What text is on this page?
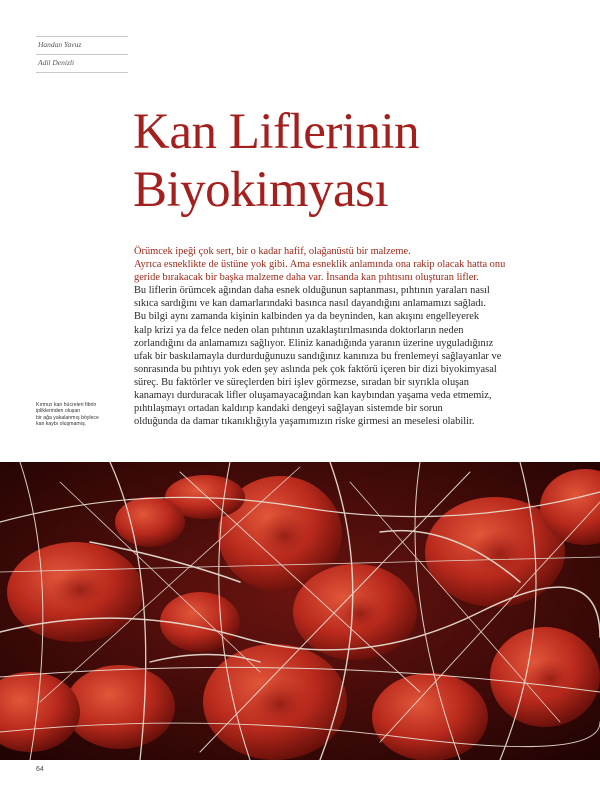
Handan Yavuz
Adil Denizli
Kan Liflerinin
Biyokimyası

Örümcek ipeği çok sert, bir o kadar hafif, olağanüstü bir malzeme.

Ayrıca esneklikte de üstüne yok gibi. Ama esneklik anlamında ona rakip olacak hatta onu

geride bırakacak bir başka malzeme daha var. İnsanda kan pıhtısını oluşturan lifler.

Bu liflerin örümcek ağından daha esnek olduğunun saptanması, pıhtının yaraları nasıl

sıkıca sardığını ve kan damarlarındaki basınca nasıl dayandığını anlamamızı sağladı.

Bu bilgi aynı zamanda kişinin kalbinden ya da beyninden, kan akışını engelleyerek

kalp krizi ya da felce neden olan pıhtının uzaklaştırılmasında doktorların neden

zorlandığını da anlamamızı sağlıyor. Eliniz kanadığında yaranın üzerine uyguladığınız

ufak bir baskılamayla durdurduğunuzu sandığınız kanınıza bu frenlemeyi sağlayanlar ve

sonrasında bu pıhtıyı yok eden şey aslında pek çok faktörü içeren bir dizi biyokimyasal

süreç. Bu faktörler ve süreçlerden biri işlev görmezse, sıradan bir sıyrıkla oluşan

kanamayı durduracak lifler oluşamayacağından kan kaybından yaşama veda etmemiz,

pıhtılaşmayı ortadan kaldırıp kandaki dengeyi sağlayan sistemde bir sorun

olduğunda da damar tıkanıklığıyla yaşamımızın riske girmesi an meselesi olabilir.

Kırmızı kan hücreleri fibrin
ipliklerinden oluşan
bir ağa yakalanmış böylece
kan kaybı oluşmamış.
64
